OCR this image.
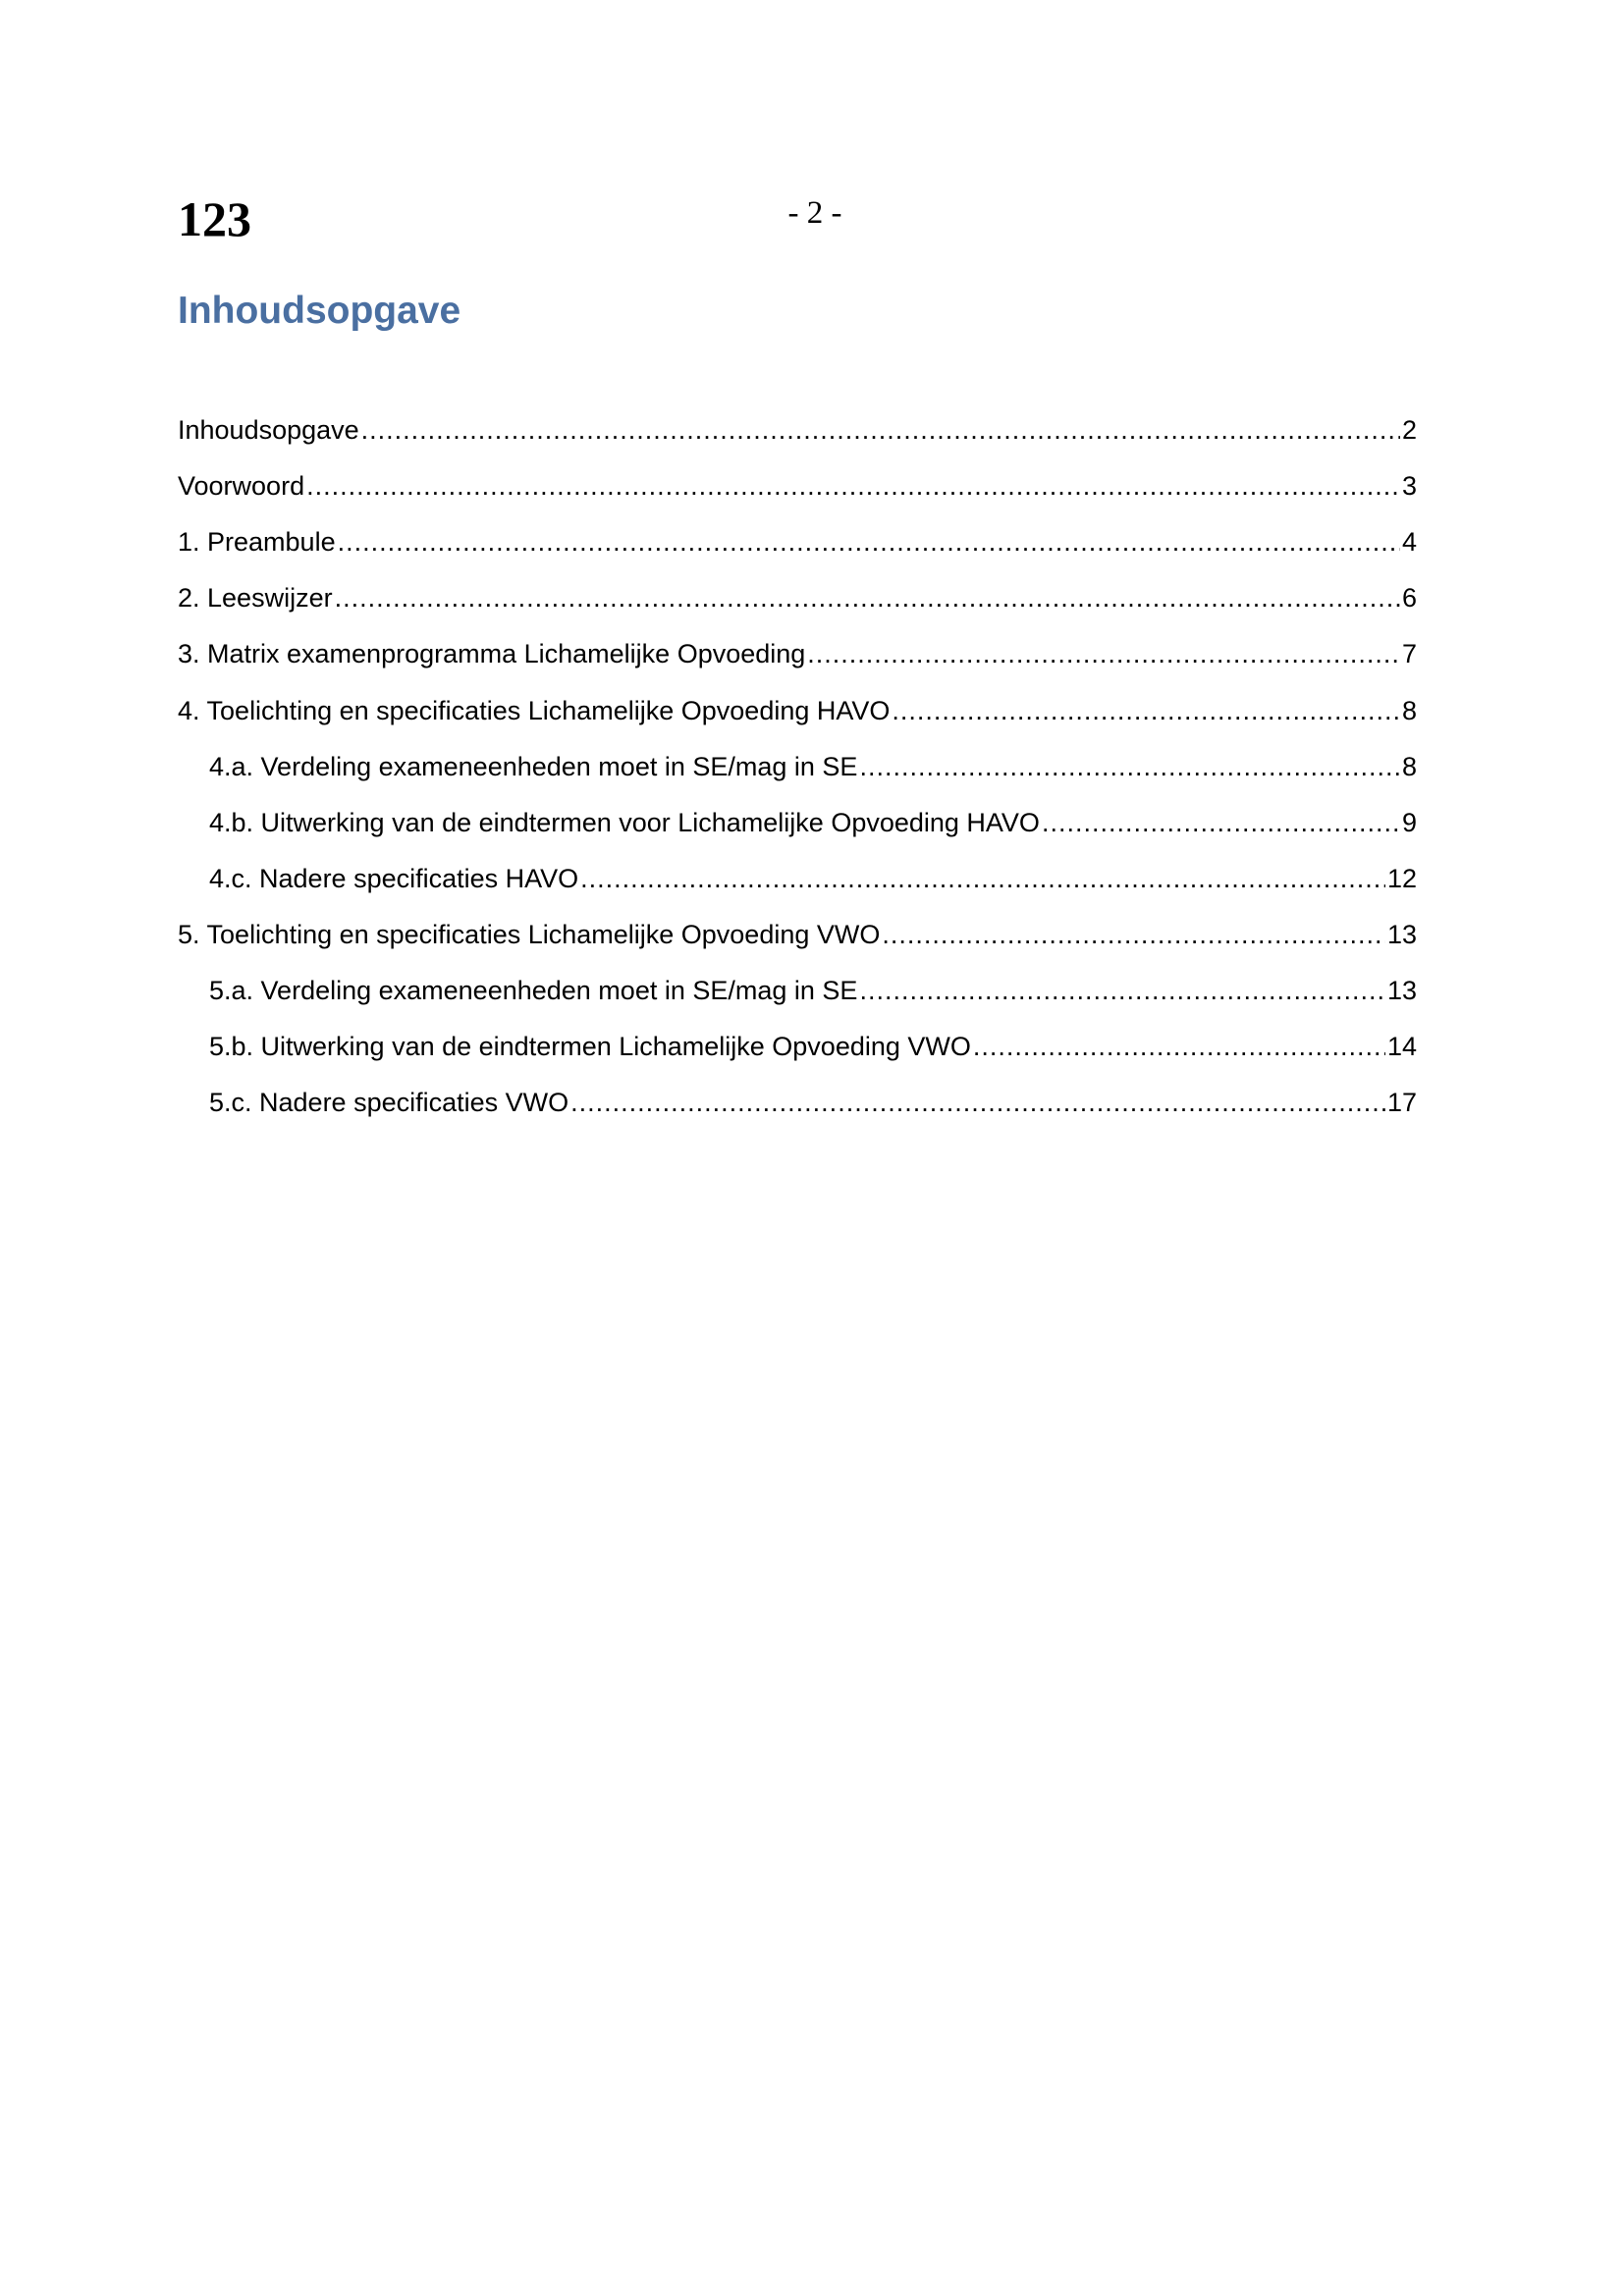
123	- 2 -
Inhoudsopgave
Inhoudsopgave .....	2
Voorwoord .....	3
1. Preambule .....	4
2. Leeswijzer .....	6
3. Matrix examenprogramma Lichamelijke Opvoeding .....	7
4. Toelichting en specificaties Lichamelijke Opvoeding HAVO .....	8
4.a. Verdeling exameneenheden moet in SE/mag in SE .....	8
4.b. Uitwerking van de eindtermen voor Lichamelijke Opvoeding HAVO .....	9
4.c. Nadere specificaties HAVO .....	12
5. Toelichting en specificaties Lichamelijke Opvoeding VWO .....	13
5.a. Verdeling exameneenheden moet in SE/mag in SE .....	13
5.b. Uitwerking van de eindtermen Lichamelijke Opvoeding VWO .....	14
5.c. Nadere specificaties VWO .....	17
